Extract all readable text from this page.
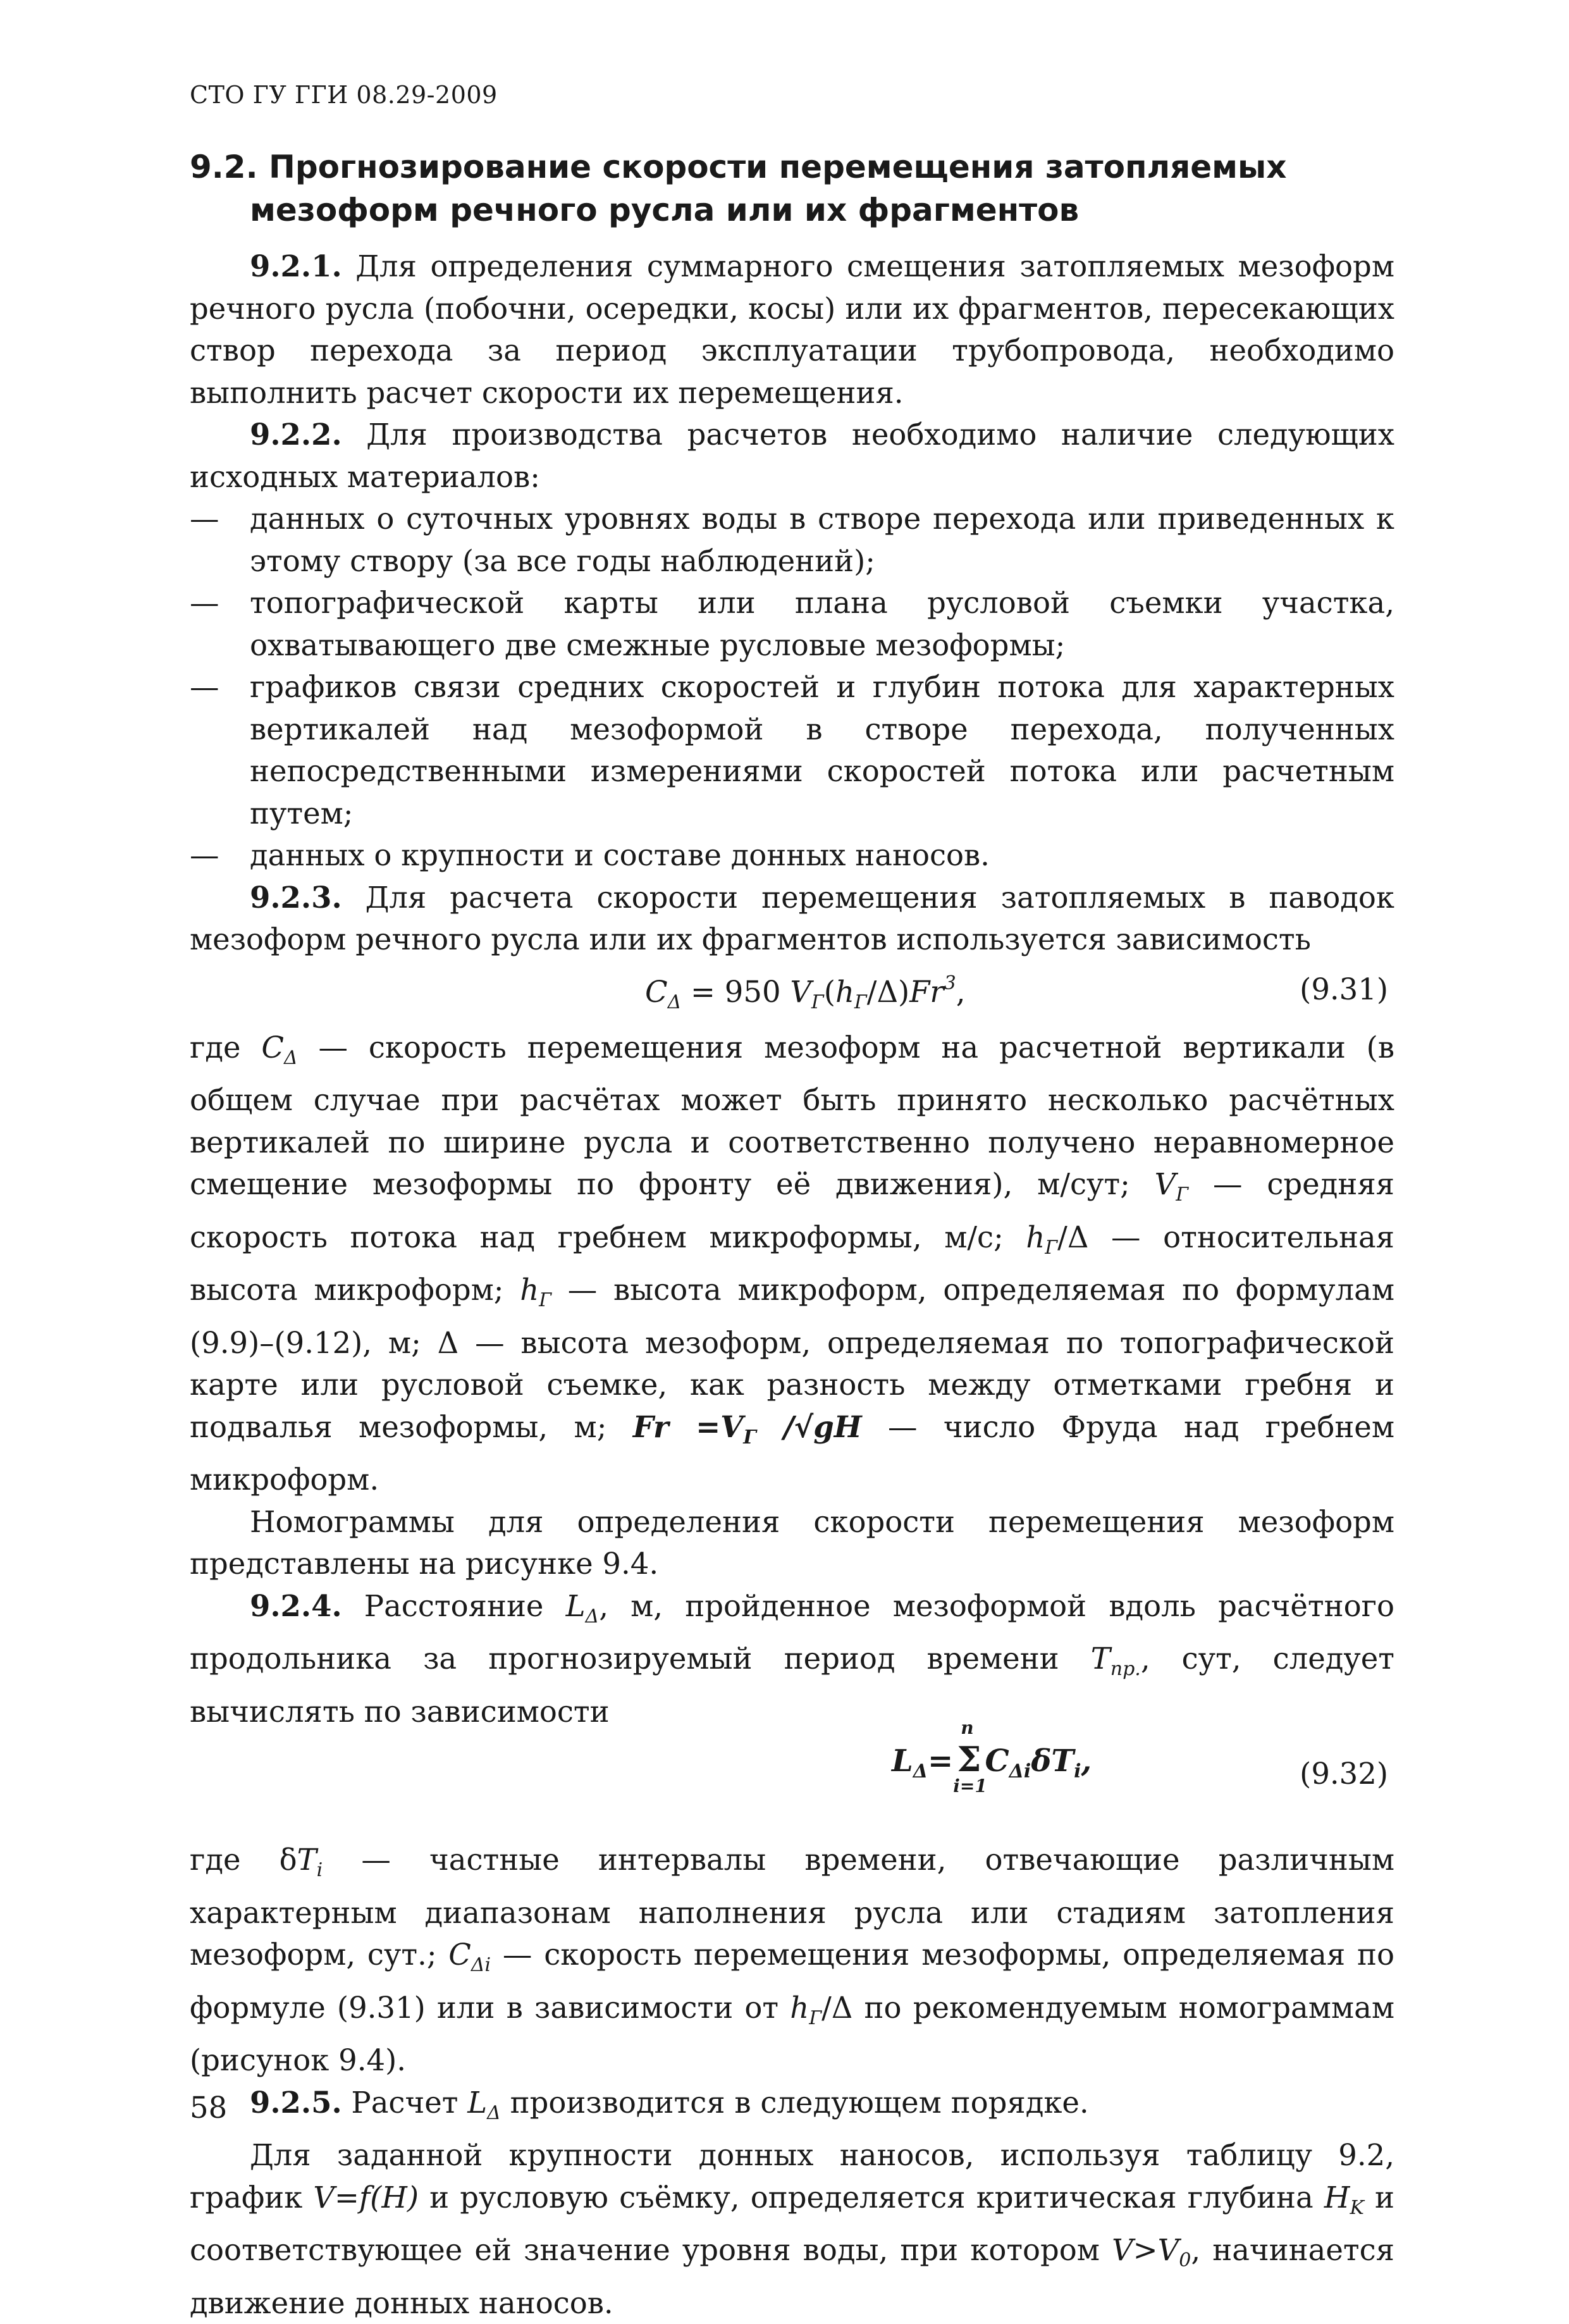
СТО ГУ ГГИ 08.29-2009
9.2. Прогнозирование скорости перемещения затопляемых мезоформ речного русла или их фрагментов

9.2.1. Для определения суммарного смещения затопляемых мезоформ речного русла (побочни, осередки, косы) или их фрагментов, пересекающих створ перехода за период эксплуатации трубопровода, необходимо выполнить расчет скорости их перемещения.

9.2.2. Для производства расчетов необходимо наличие следующих исходных материалов:

— данных о суточных уровнях воды в створе перехода или приведенных к этому створу (за все годы наблюдений);
— топографической карты или плана русловой съемки участка, охватывающего две смежные русловые мезоформы;
— графиков связи средних скоростей и глубин потока для характерных вертикалей над мезоформой в створе перехода, полученных непосредственными измерениями скоростей потока или расчетным путем;
— данных о крупности и составе донных наносов.

9.2.3. Для расчета скорости перемещения затопляемых в паводок мезоформ речного русла или их фрагментов используется зависимость

$C_\Delta = 950$ $V_Г(h_Г/\Delta)Fr^3$,	(9.31)

где $C_\Delta$ — скорость перемещения мезоформ на расчетной вертикали (в общем случае при расчётах может быть принято несколько расчётных вертикалей по ширине русла и соответственно получено неравномерное смещение мезоформы по фронту её движения), м/сут; $V_Г$ — средняя скорость потока над гребнем микроформы, м/с; $h_Г/\Delta$ — относительная высота микроформ; $h_Г$ — высота микроформ, определяемая по формулам (9.9)–(9.12), м; Δ — высота мезоформ, определяемая по топографической карте или русловой съемке, как разность между отметками гребня и подвалья мезоформы, м; $Fr =V_Г$ /√gH — число Фруда над гребнем микроформ.

Номограммы для определения скорости перемещения мезоформ представлены на рисунке 9.4.

9.2.4. Расстояние $L_\Delta$, м, пройденное мезоформой вдоль расчётного продольника за прогнозируемый период времени $T_{пр.}$, сут, следует вычислять по зависимости

$L_\Delta= \Sigma$
n
i=1
$C_{\Delta i}\delta T_i$,	(9.32)

где $\delta T_i$ — частные интервалы времени, отвечающие различным характерным диапазонам наполнения русла или стадиям затопления мезоформ, сут.; $C_{\Delta i}$ — скорость перемещения мезоформы, определяемая по формуле (9.31) или в зависимости от $h_Г/\Delta$ по рекомендуемым номограммам (рисунок 9.4).

9.2.5. Расчет $L_\Delta$ производится в следующем порядке.

Для заданной крупности донных наносов, используя таблицу 9.2, график V=f(H) и русловую съёмку, определяется критическая глубина $H_K$ и соответствующее ей значение уровня воды, при котором $V>V_0$, начинается движение донных наносов.

58
